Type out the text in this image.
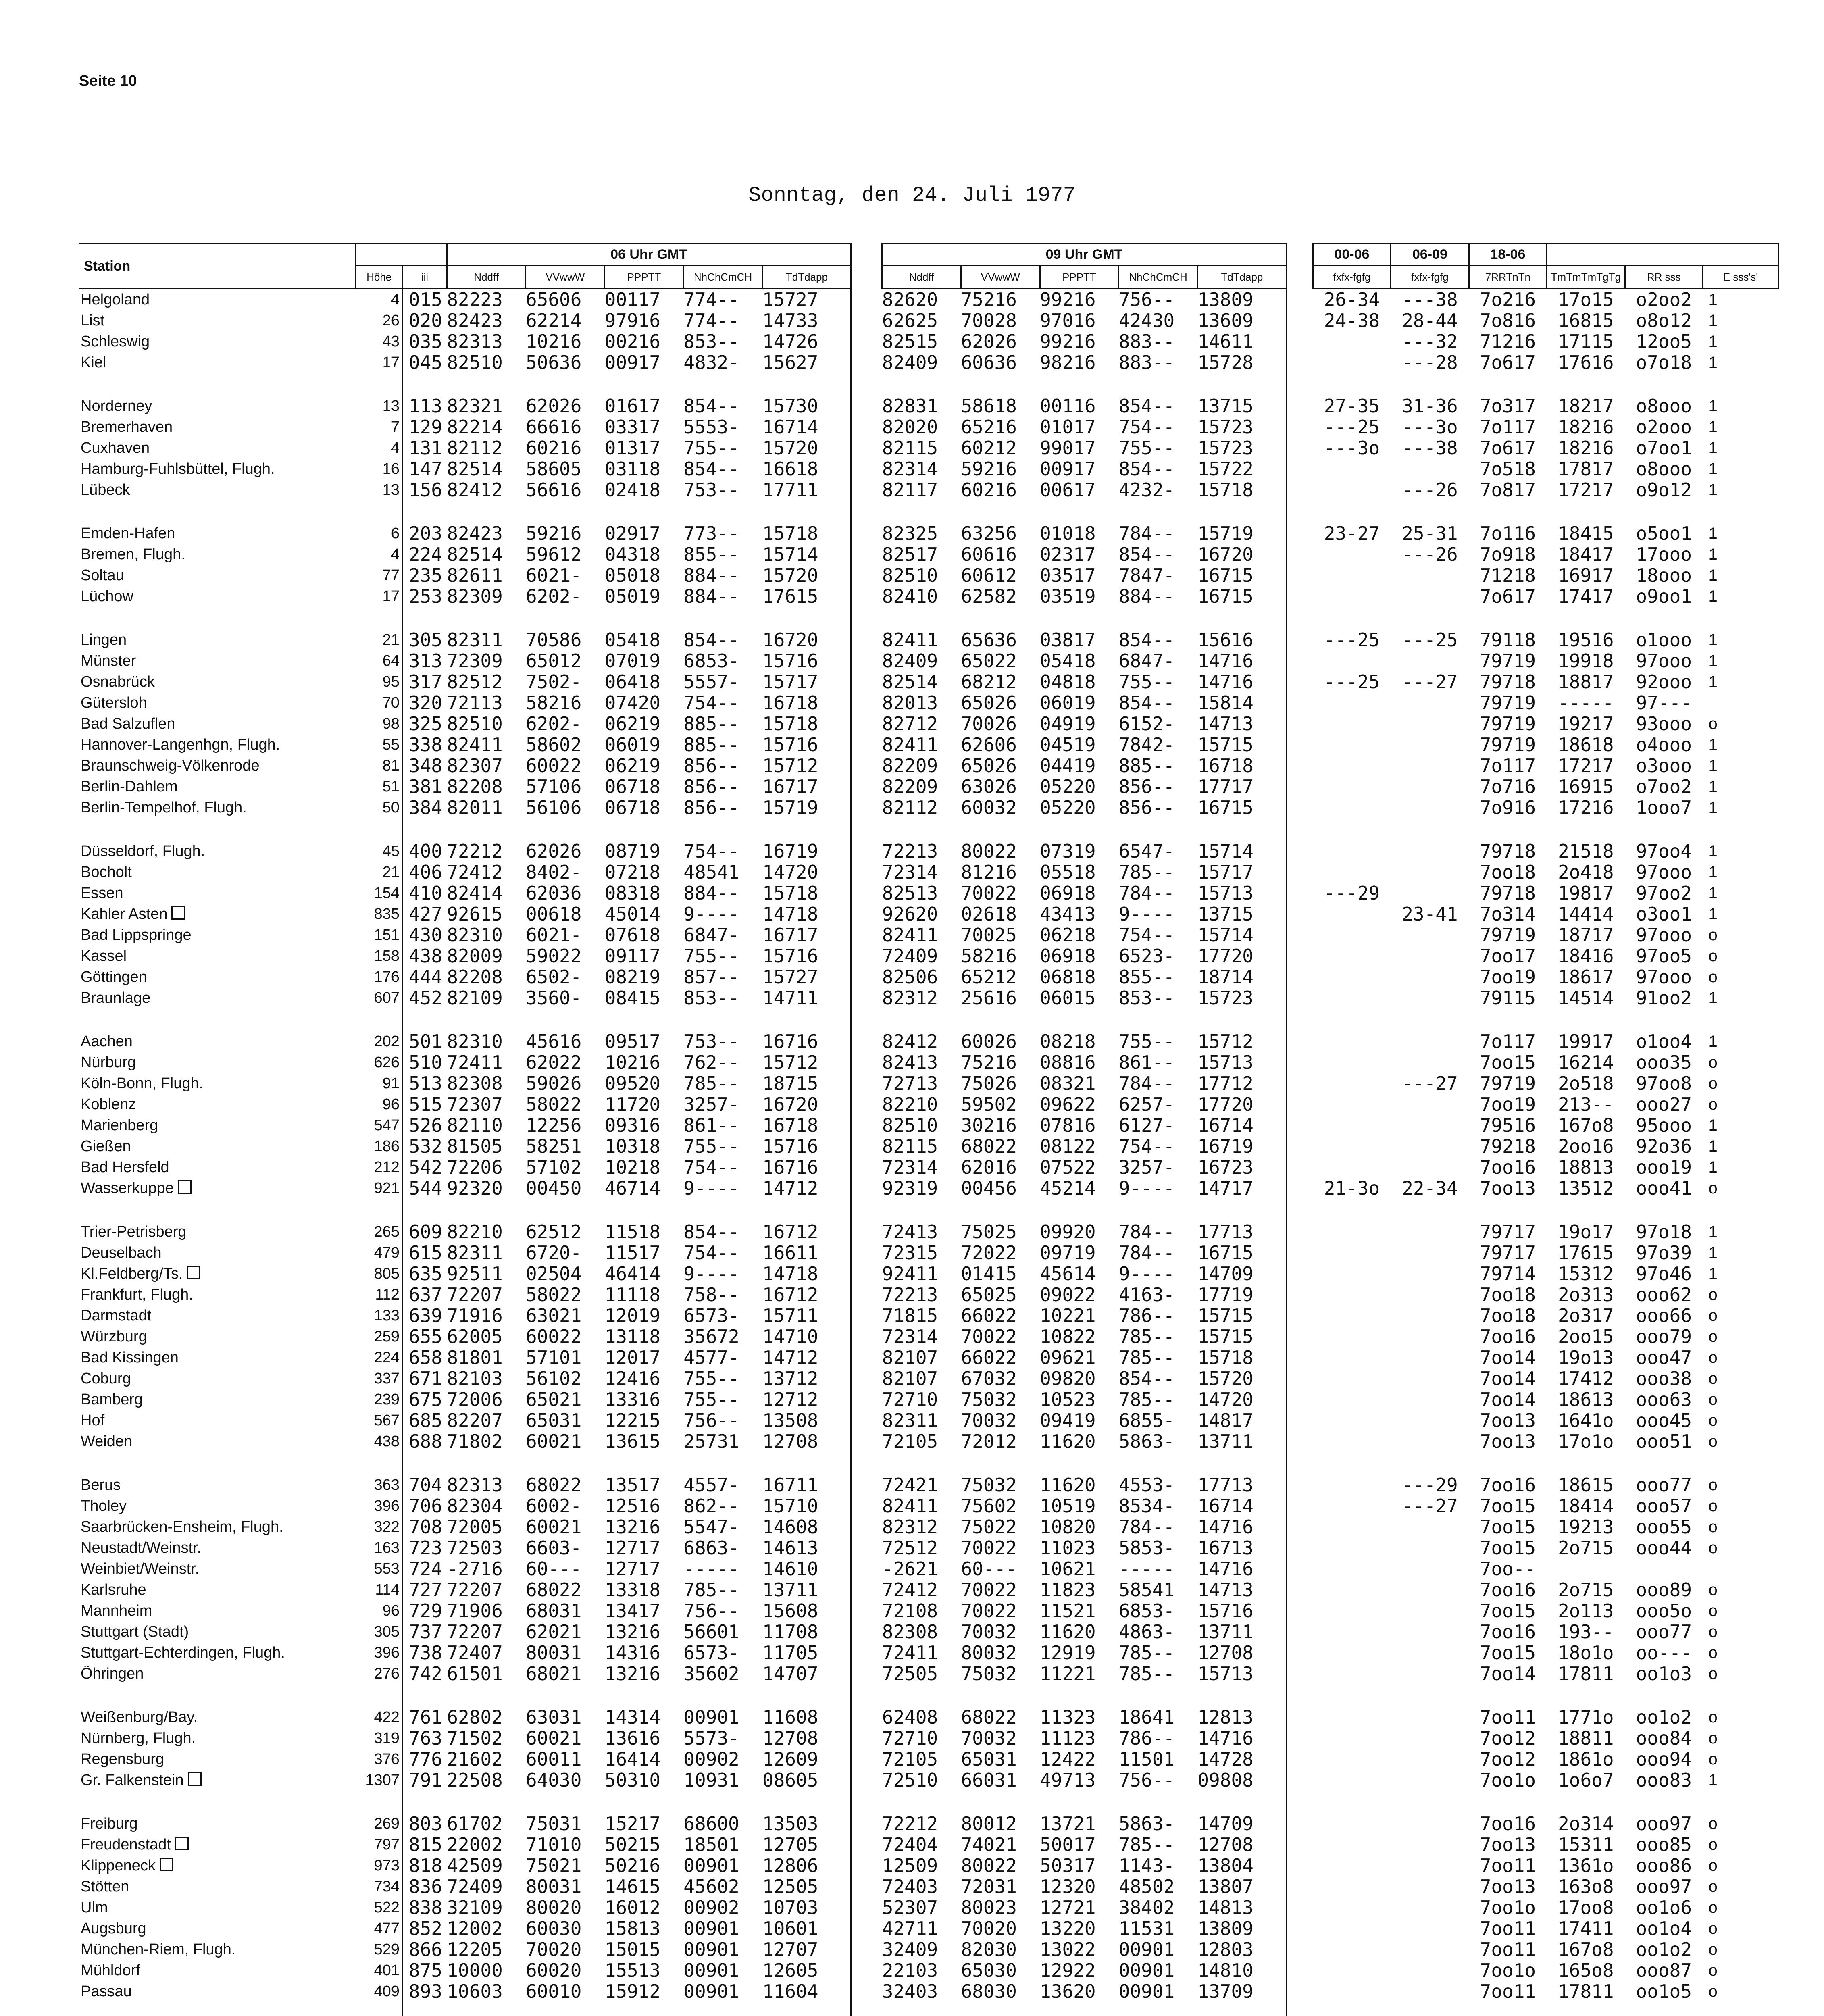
Seite 10
Sonntag, den 24. Juli 1977
Station			06 Uhr GMT						09 Uhr GMT						00-06	06-09	18-06			
	Höhe	iii	Nddff	VVwwW	PPPTT	NhChCmCH	TdTdapp		Nddff	VVwwW	PPPTT	NhChCmCH	TdTdapp		fxfx-fgfg	fxfx-fgfg	7RRTnTn	TmTmTmTgTg	RR sss	E sss's'
Helgoland	4	015	82223	65606	00117	774--	15727		82620	75216	99216	756--	13809		26-34	---38	7o216	17o15	o2oo2	1
List	26	020	82423	62214	97916	774--	14733		62625	70028	97016	42430	13609		24-38	28-44	7o816	16815	o8o12	1
Schleswig	43	035	82313	10216	00216	853--	14726		82515	62026	99216	883--	14611			---32	71216	17115	12oo5	1
Kiel	17	045	82510	50636	00917	4832-	15627		82409	60636	98216	883--	15728			---28	7o617	17616	o7o18	1

Norderney	13	113	82321	62026	01617	854--	15730		82831	58618	00116	854--	13715		27-35	31-36	7o317	18217	o8ooo	1
Bremerhaven	7	129	82214	66616	03317	5553-	16714		82020	65216	01017	754--	15723		---25	---3o	7o117	18216	o2ooo	1
Cuxhaven	4	131	82112	60216	01317	755--	15720		82115	60212	99017	755--	15723		---3o	---38	7o617	18216	o7oo1	1
Hamburg-Fuhlsbüttel, Flugh.	16	147	82514	58605	03118	854--	16618		82314	59216	00917	854--	15722				7o518	17817	o8ooo	1
Lübeck	13	156	82412	56616	02418	753--	17711		82117	60216	00617	4232-	15718			---26	7o817	17217	o9o12	1

Emden-Hafen	6	203	82423	59216	02917	773--	15718		82325	63256	01018	784--	15719		23-27	25-31	7o116	18415	o5oo1	1
Bremen, Flugh.	4	224	82514	59612	04318	855--	15714		82517	60616	02317	854--	16720			---26	7o918	18417	17ooo	1
Soltau	77	235	82611	6021-	05018	884--	15720		82510	60612	03517	7847-	16715				71218	16917	18ooo	1
Lüchow	17	253	82309	6202-	05019	884--	17615		82410	62582	03519	884--	16715				7o617	17417	o9oo1	1

Lingen	21	305	82311	70586	05418	854--	16720		82411	65636	03817	854--	15616		---25	---25	79118	19516	o1ooo	1
Münster	64	313	72309	65012	07019	6853-	15716		82409	65022	05418	6847-	14716				79719	19918	97ooo	1
Osnabrück	95	317	82512	7502-	06418	5557-	15717		82514	68212	04818	755--	14716		---25	---27	79718	18817	92ooo	1
Gütersloh	70	320	72113	58216	07420	754--	16718		82013	65026	06019	854--	15814				79719	-----	97---	
Bad Salzuflen	98	325	82510	6202-	06219	885--	15718		82712	70026	04919	6152-	14713				79719	19217	93ooo	o
Hannover-Langenhgn, Flugh.	55	338	82411	58602	06019	885--	15716		82411	62606	04519	7842-	15715				79719	18618	o4ooo	1
Braunschweig-Völkenrode	81	348	82307	60022	06219	856--	15712		82209	65026	04419	885--	16718				7o117	17217	o3ooo	1
Berlin-Dahlem	51	381	82208	57106	06718	856--	16717		82209	63026	05220	856--	17717				7o716	16915	o7oo2	1
Berlin-Tempelhof, Flugh.	50	384	82011	56106	06718	856--	15719		82112	60032	05220	856--	16715				7o916	17216	1ooo7	1

Düsseldorf, Flugh.	45	400	72212	62026	08719	754--	16719		72213	80022	07319	6547-	15714				79718	21518	97oo4	1
Bocholt	21	406	72412	8402-	07218	48541	14720		72314	81216	05518	785--	15717				7oo18	2o418	97ooo	1
Essen	154	410	82414	62036	08318	884--	15718		82513	70022	06918	784--	15713		---29		79718	19817	97oo2	1
Kahler Asten	835	427	92615	00618	45014	9----	14718		92620	02618	43413	9----	13715			23-41	7o314	14414	o3oo1	1
Bad Lippspringe	151	430	82310	6021-	07618	6847-	16717		82411	70025	06218	754--	15714				79719	18717	97ooo	o
Kassel	158	438	82009	59022	09117	755--	15716		72409	58216	06918	6523-	17720				7oo17	18416	97oo5	o
Göttingen	176	444	82208	6502-	08219	857--	15727		82506	65212	06818	855--	18714				7oo19	18617	97ooo	o
Braunlage	607	452	82109	3560-	08415	853--	14711		82312	25616	06015	853--	15723				79115	14514	91oo2	1

Aachen	202	501	82310	45616	09517	753--	16716		82412	60026	08218	755--	15712				7o117	19917	o1oo4	1
Nürburg	626	510	72411	62022	10216	762--	15712		82413	75216	08816	861--	15713				7oo15	16214	ooo35	o
Köln-Bonn, Flugh.	91	513	82308	59026	09520	785--	18715		72713	75026	08321	784--	17712			---27	79719	2o518	97oo8	o
Koblenz	96	515	72307	58022	11720	3257-	16720		82210	59502	09622	6257-	17720				7oo19	213--	ooo27	o
Marienberg	547	526	82110	12256	09316	861--	16718		82510	30216	07816	6127-	16714				79516	167o8	95ooo	1
Gießen	186	532	81505	58251	10318	755--	15716		82115	68022	08122	754--	16719				79218	2oo16	92o36	1
Bad Hersfeld	212	542	72206	57102	10218	754--	16716		72314	62016	07522	3257-	16723				7oo16	18813	ooo19	1
Wasserkuppe	921	544	92320	00450	46714	9----	14712		92319	00456	45214	9----	14717		21-3o	22-34	7oo13	13512	ooo41	o

Trier-Petrisberg	265	609	82210	62512	11518	854--	16712		72413	75025	09920	784--	17713				79717	19o17	97o18	1
Deuselbach	479	615	82311	6720-	11517	754--	16611		72315	72022	09719	784--	16715				79717	17615	97o39	1
Kl.Feldberg/Ts.	805	635	92511	02504	46414	9----	14718		92411	01415	45614	9----	14709				79714	15312	97o46	1
Frankfurt, Flugh.	112	637	72207	58022	11118	758--	16712		72213	65025	09022	4163-	17719				7oo18	2o313	ooo62	o
Darmstadt	133	639	71916	63021	12019	6573-	15711		71815	66022	10221	786--	15715				7oo18	2o317	ooo66	o
Würzburg	259	655	62005	60022	13118	35672	14710		72314	70022	10822	785--	15715				7oo16	2oo15	ooo79	o
Bad Kissingen	224	658	81801	57101	12017	4577-	14712		82107	66022	09621	785--	15718				7oo14	19o13	ooo47	o
Coburg	337	671	82103	56102	12416	755--	13712		82107	67032	09820	854--	15720				7oo14	17412	ooo38	o
Bamberg	239	675	72006	65021	13316	755--	12712		72710	75032	10523	785--	14720				7oo14	18613	ooo63	o
Hof	567	685	82207	65031	12215	756--	13508		82311	70032	09419	6855-	14817				7oo13	1641o	ooo45	o
Weiden	438	688	71802	60021	13615	25731	12708		72105	72012	11620	5863-	13711				7oo13	17o1o	ooo51	o

Berus	363	704	82313	68022	13517	4557-	16711		72421	75032	11620	4553-	17713			---29	7oo16	18615	ooo77	o
Tholey	396	706	82304	6002-	12516	862--	15710		82411	75602	10519	8534-	16714			---27	7oo15	18414	ooo57	o
Saarbrücken-Ensheim, Flugh.	322	708	72005	60021	13216	5547-	14608		82312	75022	10820	784--	14716				7oo15	19213	ooo55	o
Neustadt/Weinstr.	163	723	72503	6603-	12717	6863-	14613		72512	70022	11023	5853-	16713				7oo15	2o715	ooo44	o
Weinbiet/Weinstr.	553	724	-2716	60---	12717	-----	14610		-2621	60---	10621	-----	14716				7oo--			
Karlsruhe	114	727	72207	68022	13318	785--	13711		72412	70022	11823	58541	14713				7oo16	2o715	ooo89	o
Mannheim	96	729	71906	68031	13417	756--	15608		72108	70022	11521	6853-	15716				7oo15	2o113	ooo5o	o
Stuttgart (Stadt)	305	737	72207	62021	13216	56601	11708		82308	70032	11620	4863-	13711				7oo16	193--	ooo77	o
Stuttgart-Echterdingen, Flugh.	396	738	72407	80031	14316	6573-	11705		72411	80032	12919	785--	12708				7oo15	18o1o	oo---	o
Öhringen	276	742	61501	68021	13216	35602	14707		72505	75032	11221	785--	15713				7oo14	17811	oo1o3	o

Weißenburg/Bay.	422	761	62802	63031	14314	00901	11608		62408	68022	11323	18641	12813				7oo11	1771o	oo1o2	o
Nürnberg, Flugh.	319	763	71502	60021	13616	5573-	12708		72710	70032	11123	786--	14716				7oo12	18811	ooo84	o
Regensburg	376	776	21602	60011	16414	00902	12609		72105	65031	12422	11501	14728				7oo12	1861o	ooo94	o
Gr. Falkenstein	1307	791	22508	64030	50310	10931	08605		72510	66031	49713	756--	09808				7oo1o	1o6o7	ooo83	1

Freiburg	269	803	61702	75031	15217	68600	13503		72212	80012	13721	5863-	14709				7oo16	2o314	ooo97	o
Freudenstadt	797	815	22002	71010	50215	18501	12705		72404	74021	50017	785--	12708				7oo13	15311	ooo85	o
Klippeneck	973	818	42509	75021	50216	00901	12806		12509	80022	50317	1143-	13804				7oo11	1361o	ooo86	o
Stötten	734	836	72409	80031	14615	45602	12505		72403	72031	12320	48502	13807				7oo13	163o8	ooo97	o
Ulm	522	838	32109	80020	16012	00902	10703		52307	80023	12721	38402	14813				7oo1o	17oo8	oo1o6	o
Augsburg	477	852	12002	60030	15813	00901	10601		42711	70020	13220	11531	13809				7oo11	17411	oo1o4	o
München-Riem, Flugh.	529	866	12205	70020	15015	00901	12707		32409	82030	13022	00901	12803				7oo11	167o8	oo1o2	o
Mühldorf	401	875	10000	60020	15513	00901	12605		22103	65030	12922	00901	14810				7oo1o	165o8	ooo87	o
Passau	409	893	10603	60010	15912	00901	11604		32403	68030	13620	00901	13709				7oo11	17811	oo1o5	o
